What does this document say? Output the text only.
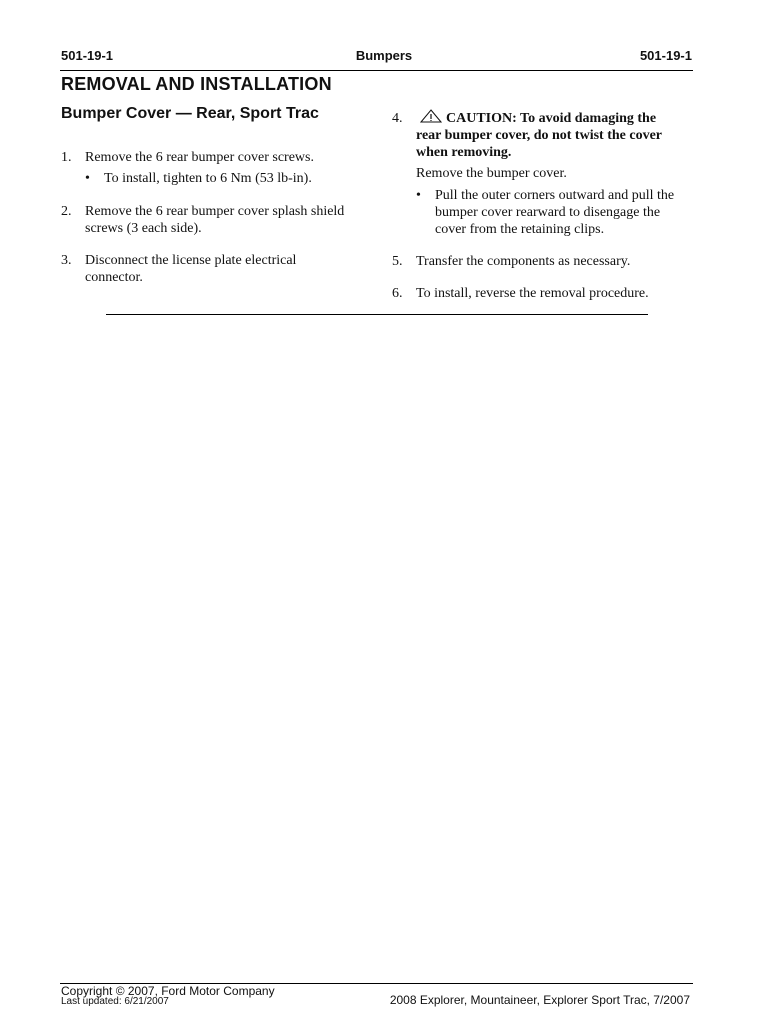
501-19-1	Bumpers	501-19-1
REMOVAL AND INSTALLATION
Bumper Cover — Rear, Sport Trac
1. Remove the 6 rear bumper cover screws.
• To install, tighten to 6 Nm (53 lb-in).
2. Remove the 6 rear bumper cover splash shield
screws (3 each side).
3. Disconnect the license plate electrical
connector.
4.	CAUTION: To avoid damaging the
rear bumper cover, do not twist the cover
when removing.
Remove the bumper cover.
• Pull the outer corners outward and pull the
bumper cover rearward to disengage the
cover from the retaining clips.
5. Transfer the components as necessary.
6. To install, reverse the removal procedure.
Copyright © 2007, Ford Motor Company
Last updated: 6/21/2007	2008 Explorer, Mountaineer, Explorer Sport Trac, 7/2007
